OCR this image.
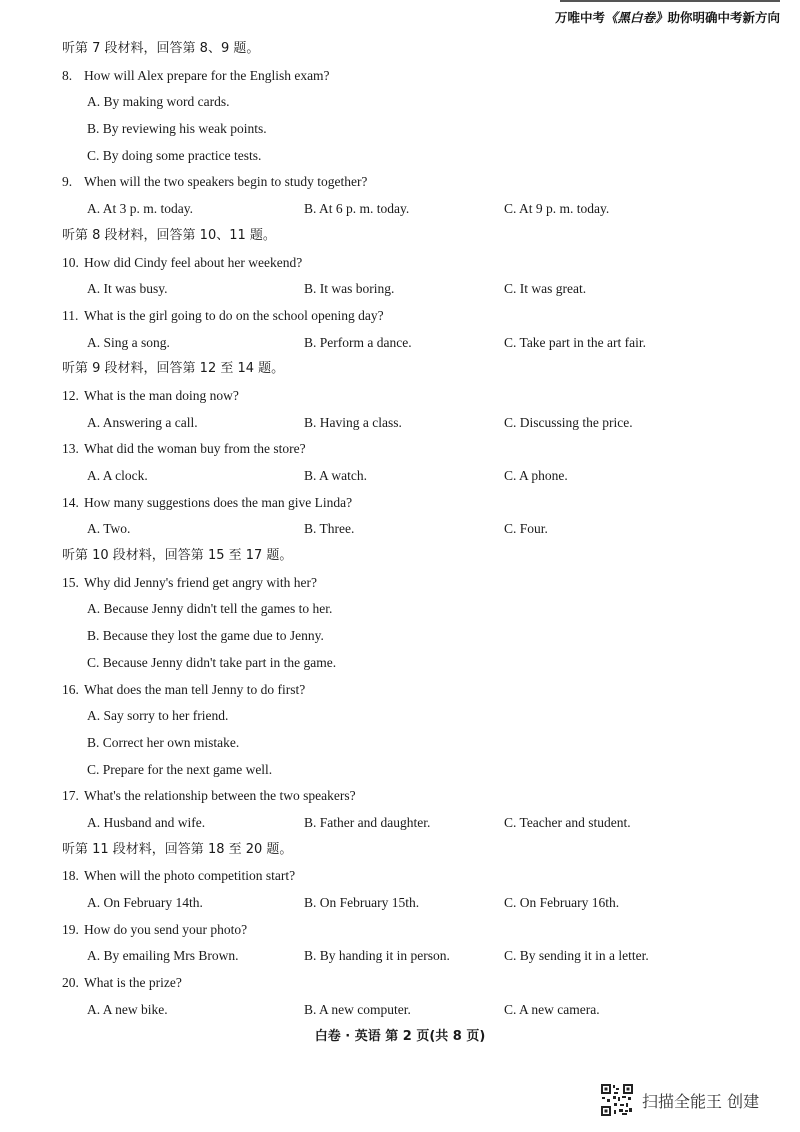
万唯中考《黑白卷》助你明确中考新方向
听第 7 段材料，回答第 8、9 题。
8. How will Alex prepare for the English exam?
A. By making word cards.
B. By reviewing his weak points.
C. By doing some practice tests.
9. When will the two speakers begin to study together?
A. At 3 p. m. today.	B. At 6 p. m. today.	C. At 9 p. m. today.
听第 8 段材料，回答第 10、11 题。
10. How did Cindy feel about her weekend?
A. It was busy.	B. It was boring.	C. It was great.
11. What is the girl going to do on the school opening day?
A. Sing a song.	B. Perform a dance.	C. Take part in the art fair.
听第 9 段材料，回答第 12 至 14 题。
12. What is the man doing now?
A. Answering a call.	B. Having a class.	C. Discussing the price.
13. What did the woman buy from the store?
A. A clock.	B. A watch.	C. A phone.
14. How many suggestions does the man give Linda?
A. Two.	B. Three.	C. Four.
听第 10 段材料，回答第 15 至 17 题。
15. Why did Jenny's friend get angry with her?
A. Because Jenny didn't tell the games to her.
B. Because they lost the game due to Jenny.
C. Because Jenny didn't take part in the game.
16. What does the man tell Jenny to do first?
A. Say sorry to her friend.
B. Correct her own mistake.
C. Prepare for the next game well.
17. What's the relationship between the two speakers?
A. Husband and wife.	B. Father and daughter.	C. Teacher and student.
听第 11 段材料，回答第 18 至 20 题。
18. When will the photo competition start?
A. On February 14th.	B. On February 15th.	C. On February 16th.
19. How do you send your photo?
A. By emailing Mrs Brown.	B. By handing it in person.	C. By sending it in a letter.
20. What is the prize?
A. A new bike.	B. A new computer.	C. A new camera.
白卷 · 英语 第 2 页(共 8 页)
扫描全能王 创建
